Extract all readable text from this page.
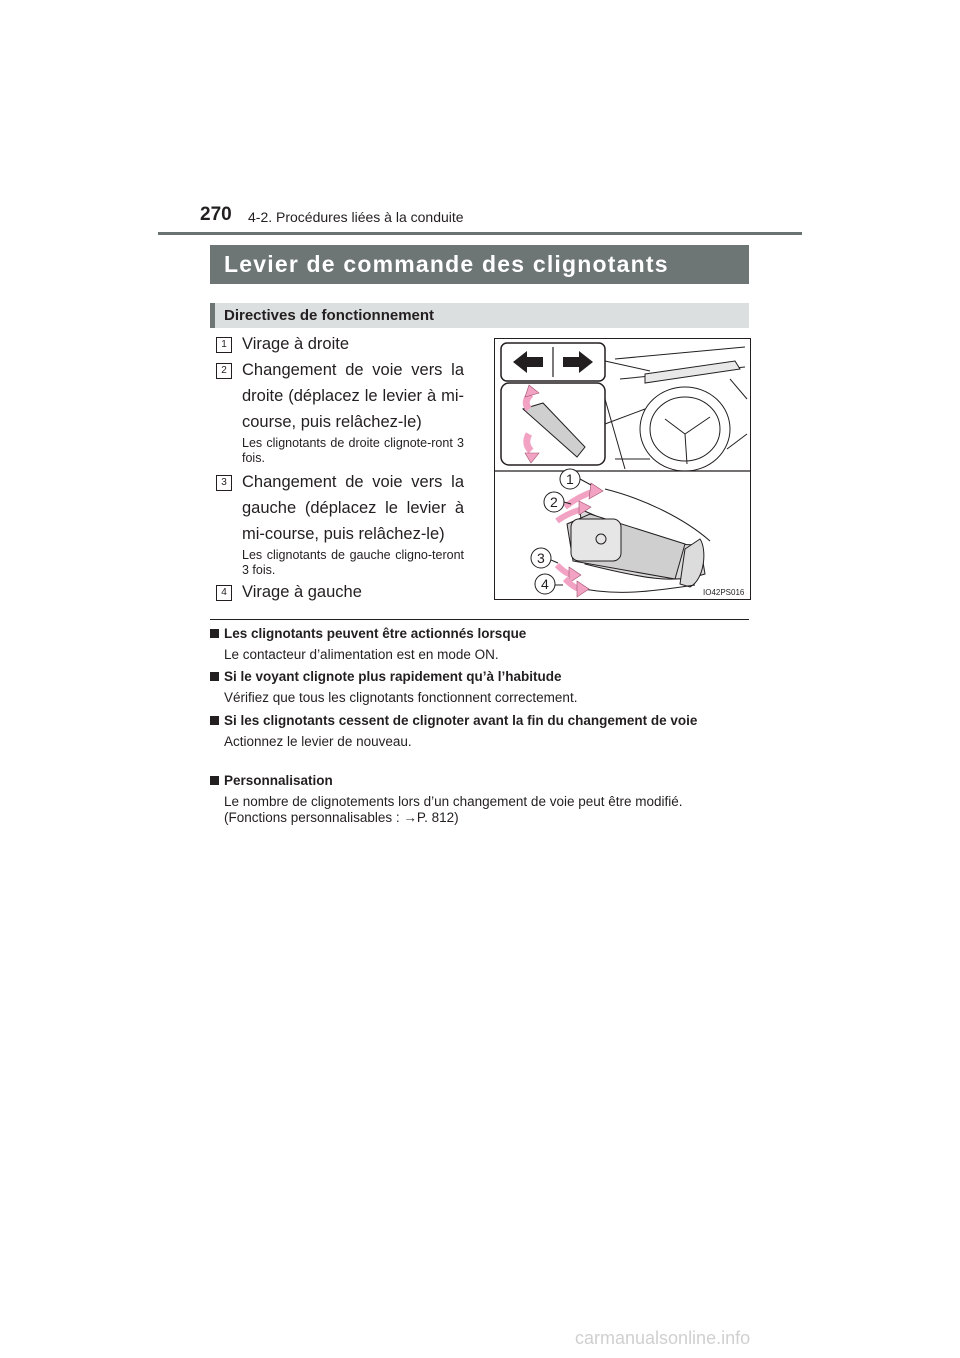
270 4-2. Procédures liées à la conduite
Levier de commande des clignotants
Directives de fonctionnement
1 Virage à droite
2 Changement de voie vers la droite (déplacez le levier à mi-course, puis relâchez-le)
Les clignotants de droite clignote-ront 3 fois.
3 Changement de voie vers la gauche (déplacez le levier à mi-course, puis relâchez-le)
Les clignotants de gauche cligno-teront 3 fois.
4 Virage à gauche
1
2
3
4
IO42PS016
Les clignotants peuvent être actionnés lorsque
Le contacteur d’alimentation est en mode ON.
Si le voyant clignote plus rapidement qu’à l’habitude
Vérifiez que tous les clignotants fonctionnent correctement.
Si les clignotants cessent de clignoter avant la fin du changement de voie
Actionnez le levier de nouveau.
Personnalisation
Le nombre de clignotements lors d’un changement de voie peut être modifié. (Fonctions personnalisables : →P. 812)
carmanualsonline.info
